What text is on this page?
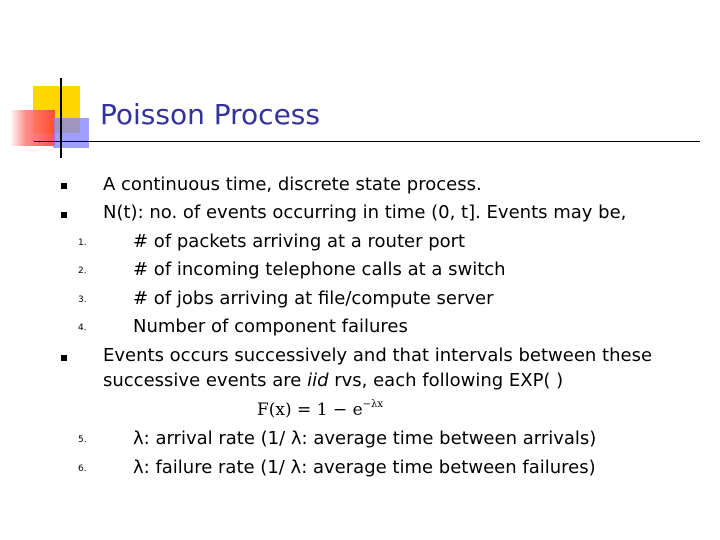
Poisson Process
A continuous time, discrete state process.
N(t): no. of events occurring in time (0, t]. Events may be,
1.	# of packets arriving at a router port
2.	# of incoming telephone calls at a switch
3.	# of jobs arriving at file/compute server
4.	Number of component failures
Events occurs successively and that intervals between these
successive events are iid rvs, each following EXP( )
$F(x) = 1 - e^{-\lambda x}$
5.	λ: arrival rate (1/ λ: average time between arrivals)
6.	λ: failure rate (1/ λ: average time between failures)
